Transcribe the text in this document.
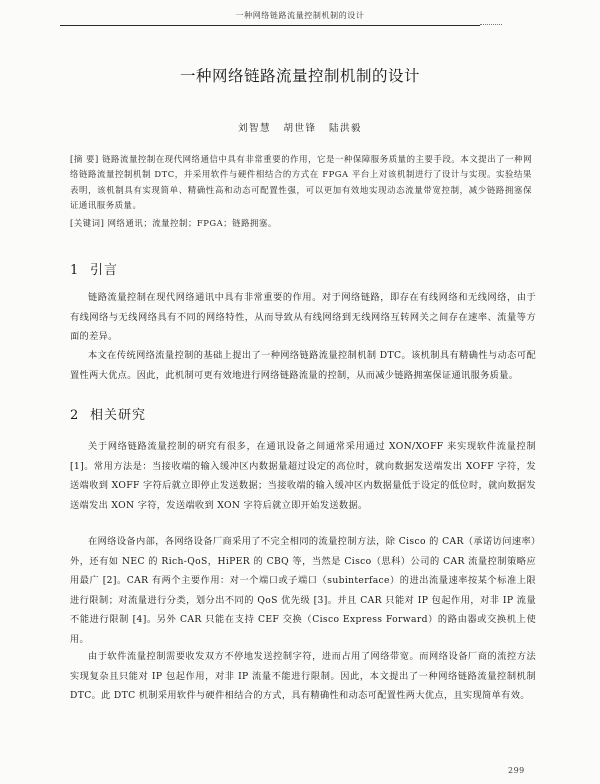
一种网络链路流量控制机制的设计
一种网络链路流量控制机制的设计
刘智慧 胡世锋 陆洪毅

[摘 要] 链路流量控制在现代网络通信中具有非常重要的作用，它是一种保障服务质量的主要手段。本文提出了一种网络链路流量控制机制 DTC，并采用软件与硬件相结合的方式在 FPGA 平台上对该机制进行了设计与实现。实验结果表明，该机制具有实现简单、精确性高和动态可配置性强，可以更加有效地实现动态流量带宽控制，减少链路拥塞保证通讯服务质量。

[关键词] 网络通讯；流量控制；FPGA；链路拥塞。

1 引言

链路流量控制在现代网络通讯中具有非常重要的作用。对于网络链路，即存在有线网络和无线网络，由于有线网络与无线网络具有不同的网络特性，从而导致从有线网络到无线网络互转网关之间存在速率、流量等方面的差异。

本文在传统网络流量控制的基础上提出了一种网络链路流量控制机制 DTC。该机制具有精确性与动态可配置性两大优点。因此，此机制可更有效地进行网络链路流量的控制，从而减少链路拥塞保证通讯服务质量。

2 相关研究

关于网络链路流量控制的研究有很多，在通讯设备之间通常采用通过 XON/XOFF 来实现软件流量控制 [1]。常用方法是：当接收端的输入缓冲区内数据量超过设定的高位时，就向数据发送端发出 XOFF 字符，发送端收到 XOFF 字符后就立即停止发送数据；当接收端的输入缓冲区内数据量低于设定的低位时，就向数据发送端发出 XON 字符，发送端收到 XON 字符后就立即开始发送数据。

在网络设备内部，各网络设备厂商采用了不完全相同的流量控制方法，除 Cisco 的 CAR（承诺访问速率）外，还有如 NEC 的 Rich-QoS，HiPER 的 CBQ 等，当然是 Cisco（思科）公司的 CAR 流量控制策略应用最广 [2]。CAR 有两个主要作用：对一个端口或子端口（subinterface）的进出流量速率按某个标准上限进行限制；对流量进行分类，划分出不同的 QoS 优先级 [3]。并且 CAR 只能对 IP 包起作用，对非 IP 流量不能进行限制 [4]。另外 CAR 只能在支持 CEF 交换（Cisco Express Forward）的路由器或交换机上使用。

由于软件流量控制需要收发双方不停地发送控制字符，进而占用了网络带宽。而网络设备厂商的流控方法实现复杂且只能对 IP 包起作用，对非 IP 流量不能进行限制。因此，本文提出了一种网络链路流量控制机制 DTC。此 DTC 机制采用软件与硬件相结合的方式，具有精确性和动态可配置性两大优点，且实现简单有效。

299
